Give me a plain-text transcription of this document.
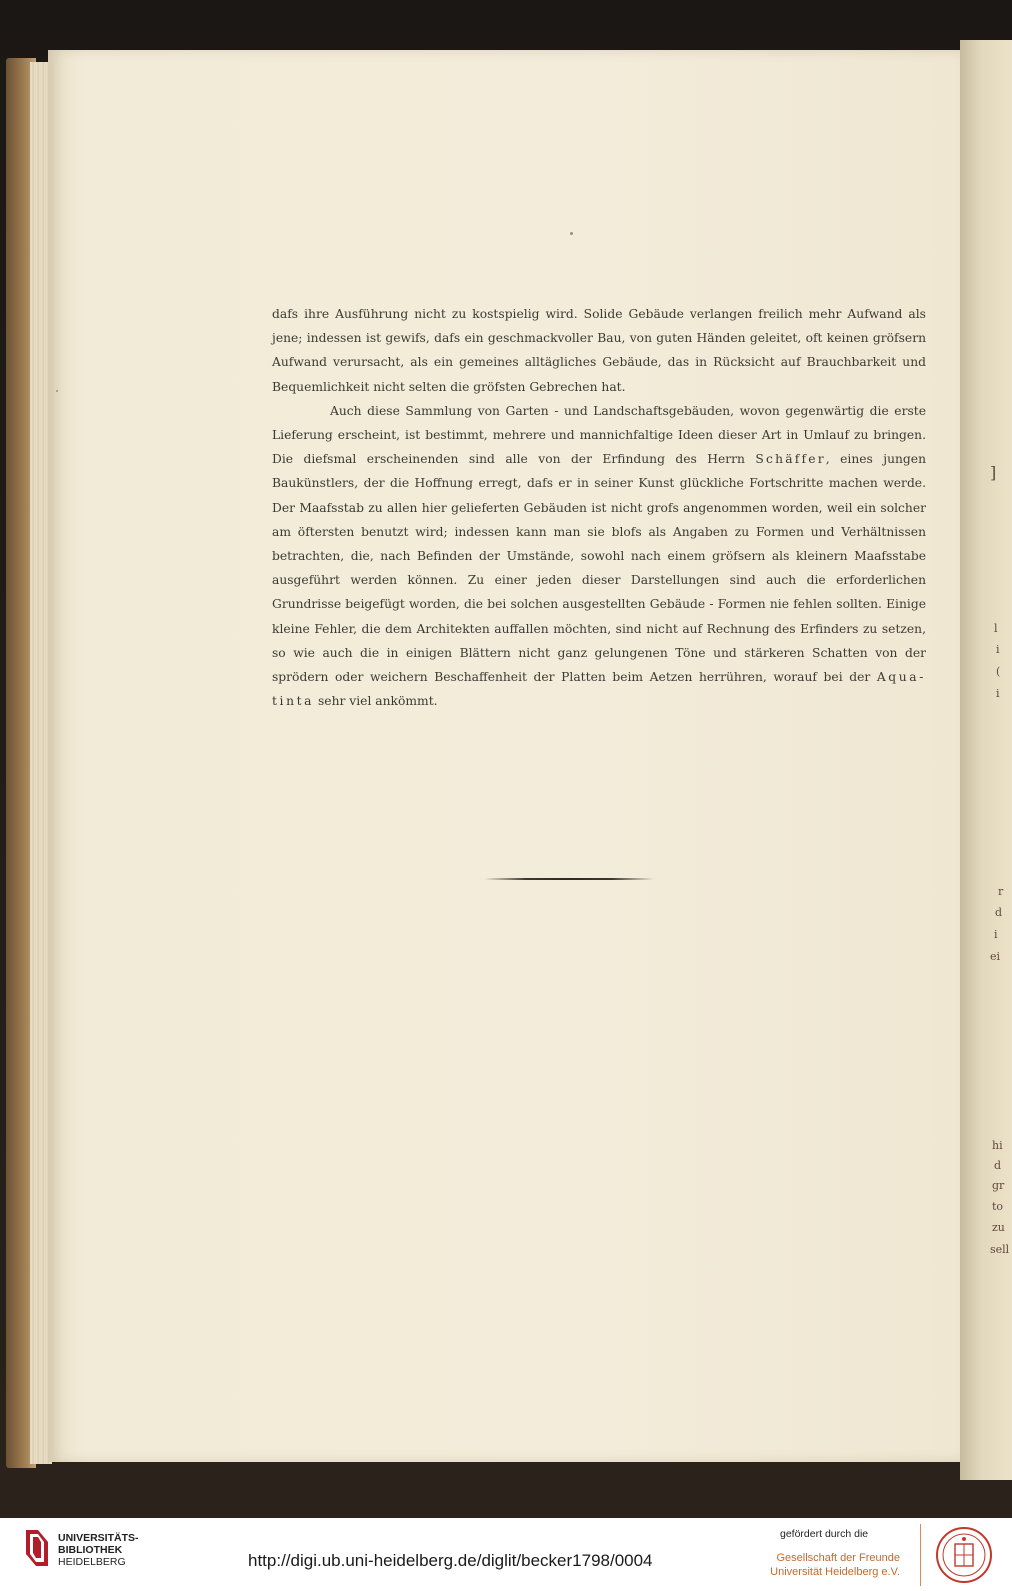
]
l
i
(
i
r
d
i
ei
hi
d
gr
to
zu
sell

dafs ihre Ausführung nicht zu kostspielig wird. Solide Gebäude verlangen freilich mehr Aufwand als jene; indessen ist gewifs, dafs ein geschmackvoller Bau, von guten Händen geleitet, oft keinen gröfsern Aufwand verursacht, als ein gemeines alltägliches Gebäude, das in Rücksicht auf Brauchbarkeit und Bequemlichkeit nicht selten die gröfsten Gebrechen hat.

Auch diese Sammlung von Garten - und Landschaftsgebäuden, wovon gegenwärtig die erste Lieferung erscheint, ist bestimmt, mehrere und mannichfaltige Ideen dieser Art in Umlauf zu bringen. Die diefsmal erscheinenden sind alle von der Erfindung des Herrn Schäffer, eines jungen Baukünstlers, der die Hoffnung erregt, dafs er in seiner Kunst glückliche Fortschritte machen werde. Der Maafsstab zu allen hier gelieferten Gebäuden ist nicht grofs angenommen worden, weil ein solcher am öftersten benutzt wird; indessen kann man sie blofs als Angaben zu Formen und Verhältnissen betrachten, die, nach Befinden der Umstände, sowohl nach einem gröfsern als kleinern Maafsstabe ausgeführt werden können. Zu einer jeden dieser Darstellungen sind auch die erforderlichen Grundrisse beigefügt worden, die bei solchen ausgestellten Gebäude - Formen nie fehlen sollten. Einige kleine Fehler, die dem Architekten auffallen möchten, sind nicht auf Rechnung des Erfinders zu setzen, so wie auch die in einigen Blättern nicht ganz gelungenen Töne und stärkeren Schatten von der sprödern oder weichern Beschaffenheit der Platten beim Aetzen herrühren, worauf bei der Aqua-tinta sehr viel ankömmt.

UNIVERSITÄTS-
BIBLIOTHEK
HEIDELBERG	http://digi.ub.uni-heidelberg.de/diglit/becker1798/0004
gefördert durch die
Gesellschaft der Freunde
Universität Heidelberg e.V.
